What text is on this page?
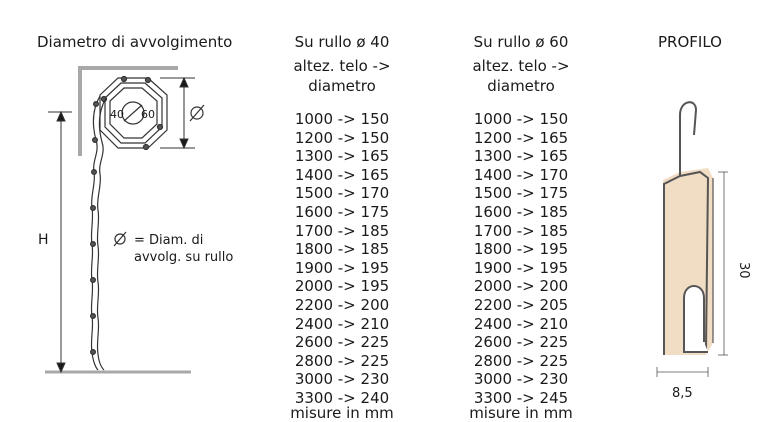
Diametro di avvolgimento
40 60
H	= Diam. di
avvolg. su rullo
30
8,5
Su rullo ø 40
altez. telo -> diametro
1000 -> 150
1200 -> 150
1300 -> 165
1400 -> 165
1500 -> 170
1600 -> 175
1700 -> 185
1800 -> 185
1900 -> 195
2000 -> 195
2200 -> 200
2400 -> 210
2600 -> 225
2800 -> 225
3000 -> 230
3300 -> 240
misure in mm
Su rullo ø 60
altez. telo -> diametro
1000 -> 150
1200 -> 165
1300 -> 165
1400 -> 170
1500 -> 175
1600 -> 185
1700 -> 185
1800 -> 195
1900 -> 195
2000 -> 200
2200 -> 205
2400 -> 210
2600 -> 225
2800 -> 225
3000 -> 230
3300 -> 245
misure in mm
PROFILO
